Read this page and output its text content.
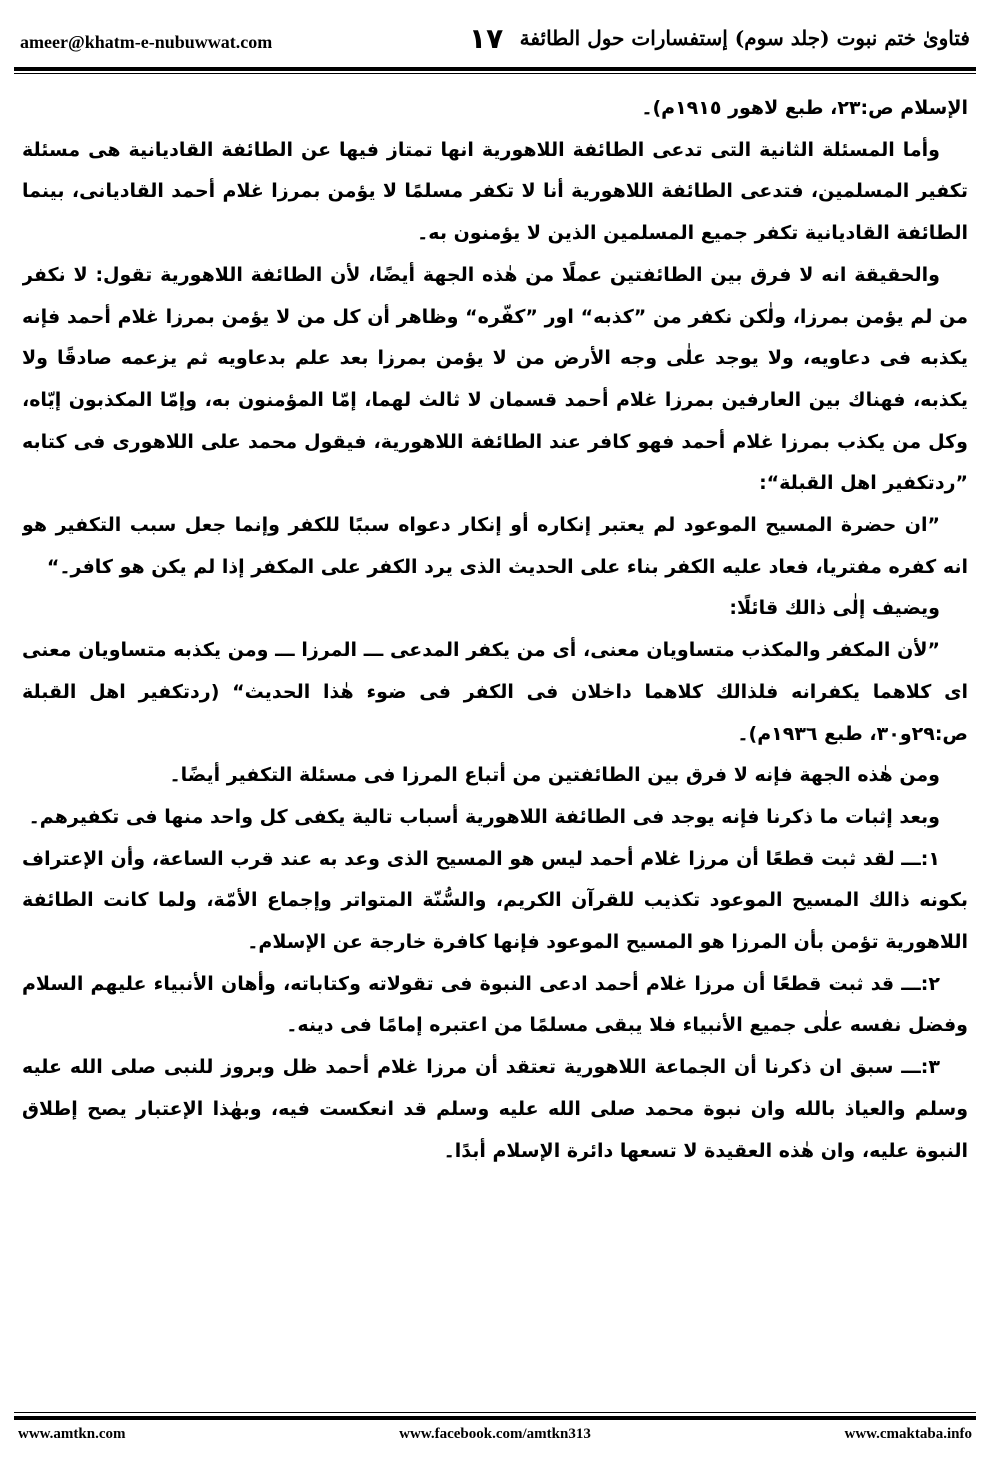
ameer@khatm-e-nubuwwat.com	١٧ فتاویٰ ختم نبوت (جلد سوم) إستفسارات حول الطائفة

الإسلام ص:٢٣، طبع لاهور ١٩١٥م)۔

وأما المسئلة الثانية التی تدعی الطائفة اللاهورية انها تمتاز فيها عن الطائفة القاديانية هی مسئلة تكفير المسلمين، فتدعی الطائفة اللاهورية أنا لا تكفر مسلمًا لا يؤمن بمرزا غلام أحمد القاديانی، بينما الطائفة القاديانية تكفر جميع المسلمين الذين لا يؤمنون به۔

والحقيقة انه لا فرق بين الطائفتين عملًا من هٰذه الجهة أيضًا، لأن الطائفة اللاهورية تقول: لا نكفر من لم يؤمن بمرزا، ولٰكن نكفر من ”كذبه“ اور ”كفّره“ وظاهر أن كل من لا يؤمن بمرزا غلام أحمد فإنه يكذبه فی دعاويه، ولا يوجد علٰی وجه الأرض من لا يؤمن بمرزا بعد علم بدعاويه ثم يزعمه صادقًا ولا يكذبه، فهناك بين العارفين بمرزا غلام أحمد قسمان لا ثالث لهما، إمّا المؤمنون به، وإمّا المكذبون إيّاه، وكل من يكذب بمرزا غلام أحمد فهو كافر عند الطائفة اللاهورية، فيقول محمد علی اللاهوری فی كتابه ”ردتكفير اهل القبلة“:

”ان حضرة المسيح الموعود لم يعتبر إنكاره أو إنكار دعواه سببًا للكفر وإنما جعل سبب التكفير هو انه كفره مفتريا، فعاد عليه الكفر بناء علی الحديث الذی يرد الكفر علی المكفر إذا لم يكن هو كافر۔“

ويضيف إلٰی ذالك قائلًا:

”لأن المكفر والمكذب متساويان معنی، أی من يكفر المدعی ـــ المرزا ـــ ومن يكذبه متساويان معنی ای كلاهما يكفرانه فلذالك كلاهما داخلان فی الكفر فی ضوء هٰذا الحديث“ (ردتكفير اهل القبلة ص:٢٩و٣٠، طبع ١٩٣٦م)۔

ومن هٰذه الجهة فإنه لا فرق بين الطائفتين من أتباع المرزا فی مسئلة التكفير أيضًا۔

وبعد إثبات ما ذكرنا فإنه يوجد فی الطائفة اللاهورية أسباب تالية يكفی كل واحد منها فی تكفيرهم۔

١:ـــ لقد ثبت قطعًا أن مرزا غلام أحمد ليس هو المسيح الذی وعد به عند قرب الساعة، وأن الإعتراف بكونه ذالك المسيح الموعود تكذيب للقرآن الكريم، والسُّنّة المتواتر وإجماع الأمّة، ولما كانت الطائفة اللاهورية تؤمن بأن المرزا هو المسيح الموعود فإنها كافرة خارجة عن الإسلام۔

٢:ـــ قد ثبت قطعًا أن مرزا غلام أحمد ادعی النبوة فی تقولاته وكتاباته، وأهان الأنبياء عليهم السلام وفضل نفسه علٰی جميع الأنبياء فلا يبقی مسلمًا من اعتبره إمامًا فی دينه۔

٣:ـــ سبق ان ذكرنا أن الجماعة اللاهورية تعتقد أن مرزا غلام أحمد ظل وبروز للنبی صلی الله عليه وسلم والعياذ بالله وان نبوة محمد صلی الله عليه وسلم قد انعكست فيه، وبهٰذا الإعتبار يصح إطلاق النبوة عليه، وان هٰذه العقيدة لا تسعها دائرة الإسلام أبدًا۔

www.amtkn.com	www.facebook.com/amtkn313	www.cmaktaba.info
